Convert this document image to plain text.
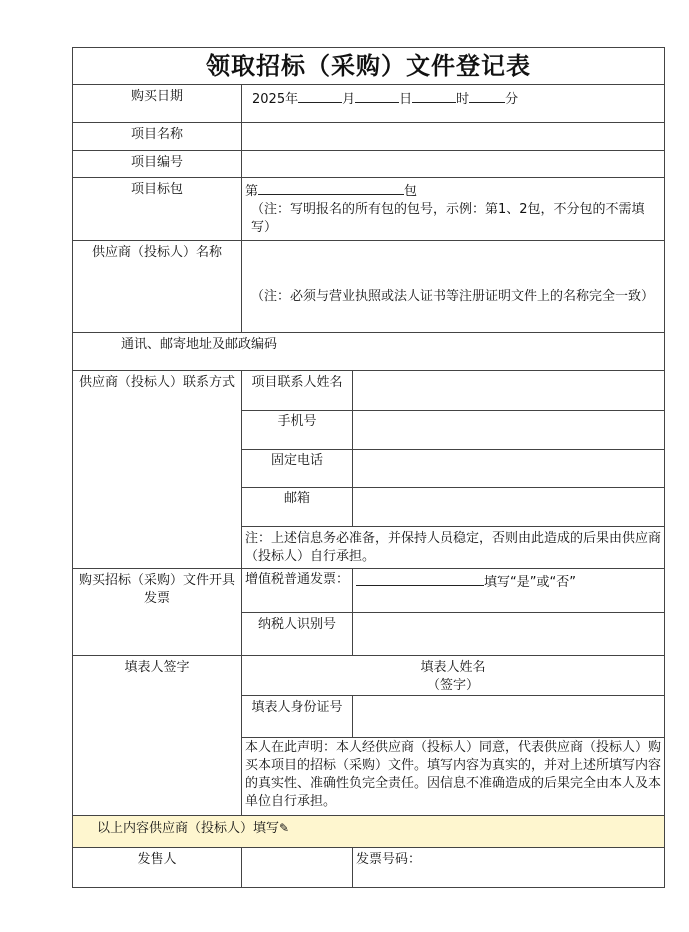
领取招标（采购）文件登记表		
购买日期	2025年 月 日 时 分	
项目名称		
项目编号		
项目标包	第 包
（注：写明报名的所有包的包号，示例：第1、2包，不分包的不需填写）	

供应商（投标人）名称	（注：必须与营业执照或法人证书等注册证明文件上的名称完全一致）	

通讯、邮寄地址及邮政编码		
供应商（投标人）联系方式	项目联系人姓名	
	手机号	
	固定电话	
	邮箱	
	注：上述信息务必准备，并保持人员稳定，否则由此造成的后果由供应商（投标人）自行承担。	
购买招标（采购）文件开具发票	增值税普通发票：	填写“是”或“否”
	纳税人识别号	
填表人签字	填表人姓名
（签字）	

	填表人身份证号	
	本人在此声明：本人经供应商（投标人）同意，代表供应商（投标人）购买本项目的招标（采购）文件。填写内容为真实的，并对上述所填写内容的真实性、准确性负完全责任。因信息不准确造成的后果完全由本人及本单位自行承担。	
以上内容供应商（投标人）填写✎		
发售人		发票号码：
